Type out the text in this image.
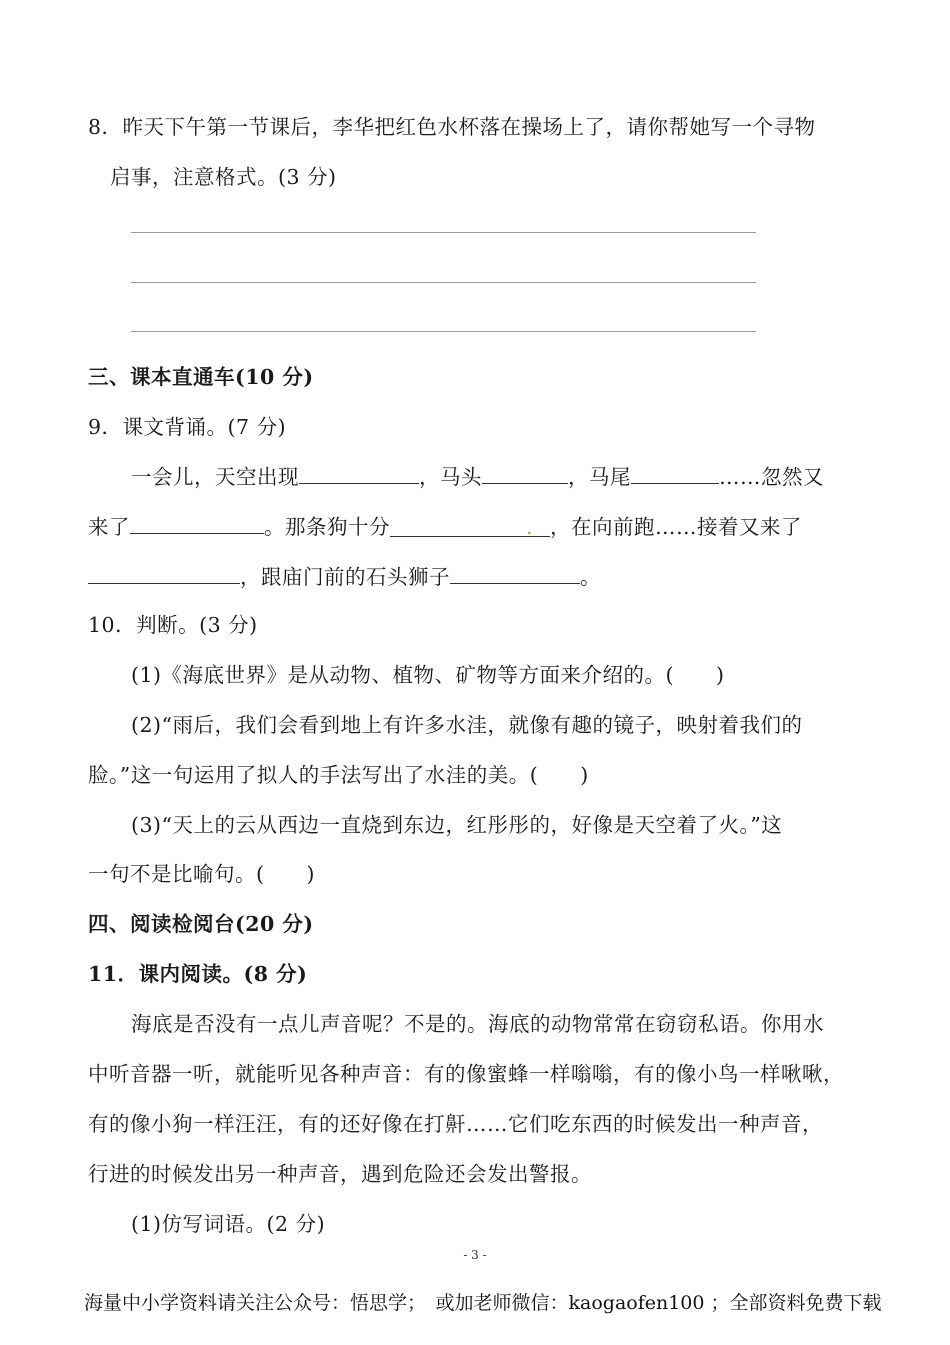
8．昨天下午第一节课后，李华把红色水杯落在操场上了，请你帮她写一个寻物
启事，注意格式。(3 分)
三、课本直通车(10 分)
9．课文背诵。(7 分)
一会儿，天空出现	，马头	，马尾	……忽然又
来了	。那条狗十分	. ，在向前跑……接着又来了
，跟庙门前的石头狮子	。
10．判断。(3 分)
(1)《海底世界》是从动物、植物、矿物等方面来介绍的。(　　)
(2)“雨后，我们会看到地上有许多水洼，就像有趣的镜子，映射着我们的
脸。”这一句运用了拟人的手法写出了水洼的美。(　　)
(3)“天上的云从西边一直烧到东边，红彤彤的，好像是天空着了火。”这
一句不是比喻句。(　　)
四、阅读检阅台(20 分)
11．课内阅读。(8 分)
海底是否没有一点儿声音呢？不是的。海底的动物常常在窃窃私语。你用水
中听音器一听，就能听见各种声音：有的像蜜蜂一样嗡嗡，有的像小鸟一样啾啾，
有的像小狗一样汪汪，有的还好像在打鼾……它们吃东西的时候发出一种声音，
行进的时候发出另一种声音，遇到危险还会发出警报。
(1)仿写词语。(2 分)
- 3 -
海量中小学资料请关注公众号：悟思学；　或加老师微信：kaogaofen100 ；全部资料免费下载
